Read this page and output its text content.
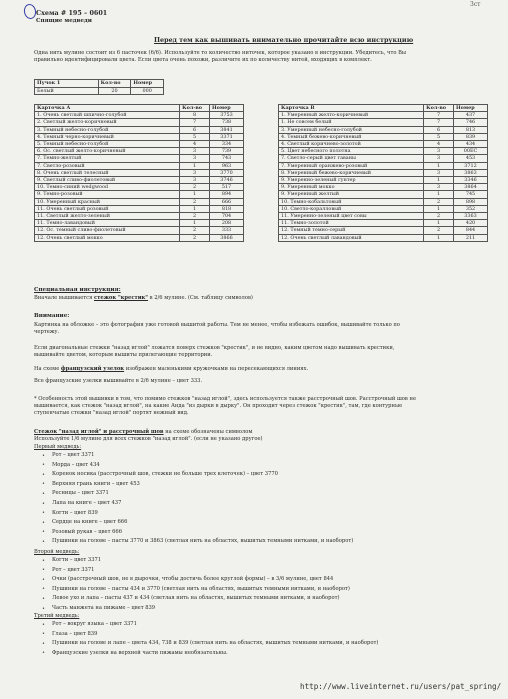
3ст
Схема # 195 – 0601
Спящие медведи
Перед тем как вышивать внимательно прочитайте всю инструкцию
Одна нить мулине состоит из 6 пасточек (6/6). Используйте то количество ниточек, которое указано в инструкции. Убедитесь, что Вы
правильно идентифицировали цвета. Если цвета очень похожи, различите их по количеству нитей, входящих в комплект.
Пучок 1	Кол-во	Номер
Белый	20	000
Карточка А	Кол-во	Номер
1. Очень светлый шпично-голубой	8	3753
2. Светлый желто-коричневый	7	738
3. Темный небесно-голубой	6	3841
4. Темный черно-коричневый	5	3371
5. Темный небесно-голубой	4	334
6. Ос. светлый желто-коричневый	3	739
7. Темно-желтый	3	743
7. Светло-розовый	1	963
8. Очень светлый телесный	3	3770
9. Светлый сливо-фиолетовый	3	3746
10. Темно-синий wedgwood	2	517
9. Темно-розовый	1	894
10. Умеренный красный	2	666
11. Очень светлый розовый	1	818
11. Светлый желто-зеленый	2	704
11. Темно-лавандовый	1	208
12. Ос. темный сливо-фиолетовый	2	333
12. Очень светлый мокко	2	3866
Карточка В	Кол-во	Номер
1. Умеренный желто-коричневый	7	437
1. Не совсем белый	7	746
3. Умеренный небесно-голубой	6	813
4. Темный бежево-коричневый	5	839
4. Светлый коричнево-золотой	4	434
5. Цвет небесного полотна	3	00EC
7. Светло-серый цвет гаваны	3	453
7. Умеренный оранжево-розовый	1	3712
8. Умеренный бежево-коричневый	3	3863
9. Умеренно-зеленый гунтер	1	3346
9. Умеренный мокко	3	3864
9. Умеренный желтый	1	745
10. Темно-кобальтовый	2	898
10. Светло-коралловый	1	352
11. Умеренно-зеленый цвет совы	2	3363
11. Темно-золотой	1	420
12. Темный темно-серый	2	844
12. Очень светлый лавандовый	1	211
Специальная инструкция:
Вначале вышивается стежок "крестик" в 2/6 мулине. (См. таблицу символов)
Внимание:
Картинка на обложке – это фотография уже готовой вышитой работы. Тем не менее, чтобы избежать ошибок, вышивайте только по
чертежу.
Если диагональные стежки "назад иглой" ложатся поверх стежков "крестик", и не видно, каким цветом надо вышивать крестики,
вышивайте цветом, которым вышиты прилегающие территории.
На схеме французский узелок изображен маленькими кружочками на пересекающихся линиях.
Все французские узелки вышивайте в 2/6 мулине – цвет 333.
* Особенность этой вышивки в том, что помимо стежков "назад иглой", здесь используется также расстрочный шов. Расстрочный шов не
вышивается, как стежок "назад иглой", на какие Анда "из дырки в дырку". Он проходит через стежок "крестик", там, где контурные
ступенчатые стежки "назад иглой" портят нежный вид.
Стежок "назад иглой" и расстрочный шов на схеме обозначены символом
Используйте 1/6 мулине для всех стежков "назад иглой". (если не указано другое)
Первый медведь:
• Рот – цвет 3371
• Морда – цвет 434
• Коренок носика (расстрочный шов, стежки не больше трех клеточек) – цвет 3770
• Верхняя грань книги – цвет 453
• Ресницы – цвет 3371
• Лапа на книге – цвет 437
• Когти – цвет 839
• Сердце на книге – цвет 666
• Розовый рукав – цвет 666
• Пушинки на голове – пасты 3770 и 3863 (светлая нить на областях, вышитых темными нитками, и наоборот)
Второй медведь:
• Когти – цвет 3371
• Рот – цвет 3371
• Очки (расстрочный шов, не в дырочки, чтобы достичь более круглой формы) – в 3/6 мулине, цвет 844
• Пушинки на голове – пасты 434 и 3770 (светлая нить на областях, вышитых темными нитками, и наоборот)
• Левое ухо и лапа – пасты 437 и 434 (светлая нить на областях, вышитых темными нитками, и наоборот)
• Часть манжета на пижаме – цвет 839
Третий медведь:
• Рот – вокруг языка – цвет 3371
• Глаза – цвет 839
• Пушинки на голове и лапе – цвета 434, 738 и 839 (светлая нить на областях, вышитых темными нитками, и наоборот)
• Французские узелки на верхней части пижамы необязательны.
http://www.liveinternet.ru/users/pat_spring/
